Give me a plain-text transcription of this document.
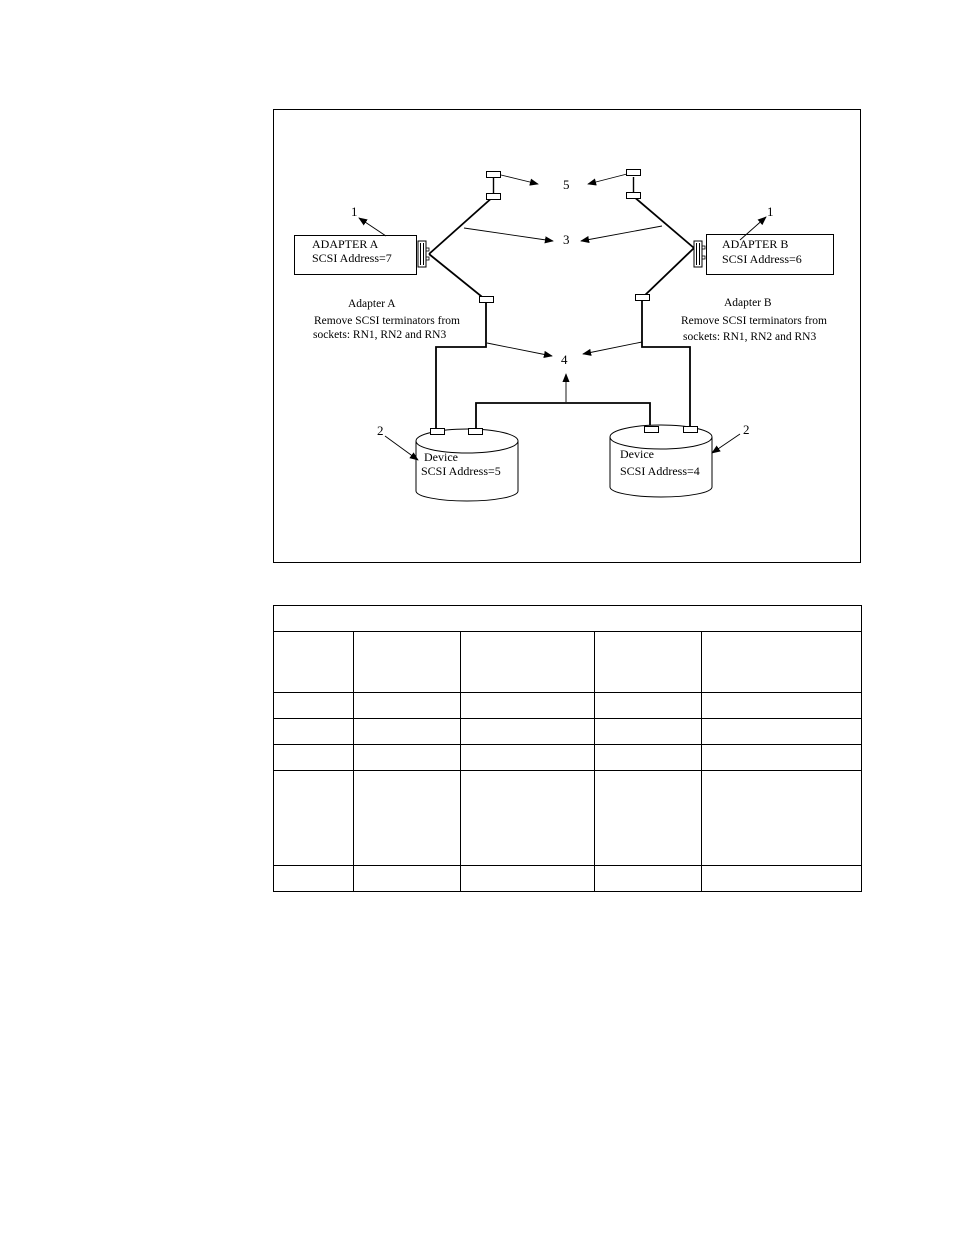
ADAPTER A
SCSI Address=7
ADAPTER B
SCSI Address=6
Device
SCSI Address=5
Device
SCSI Address=4
Adapter A
Remove SCSI terminators from
sockets: RN1, RN2 and RN3
Adapter B
Remove SCSI terminators from
sockets: RN1, RN2 and RN3
1	1
2	2
3
4
5
